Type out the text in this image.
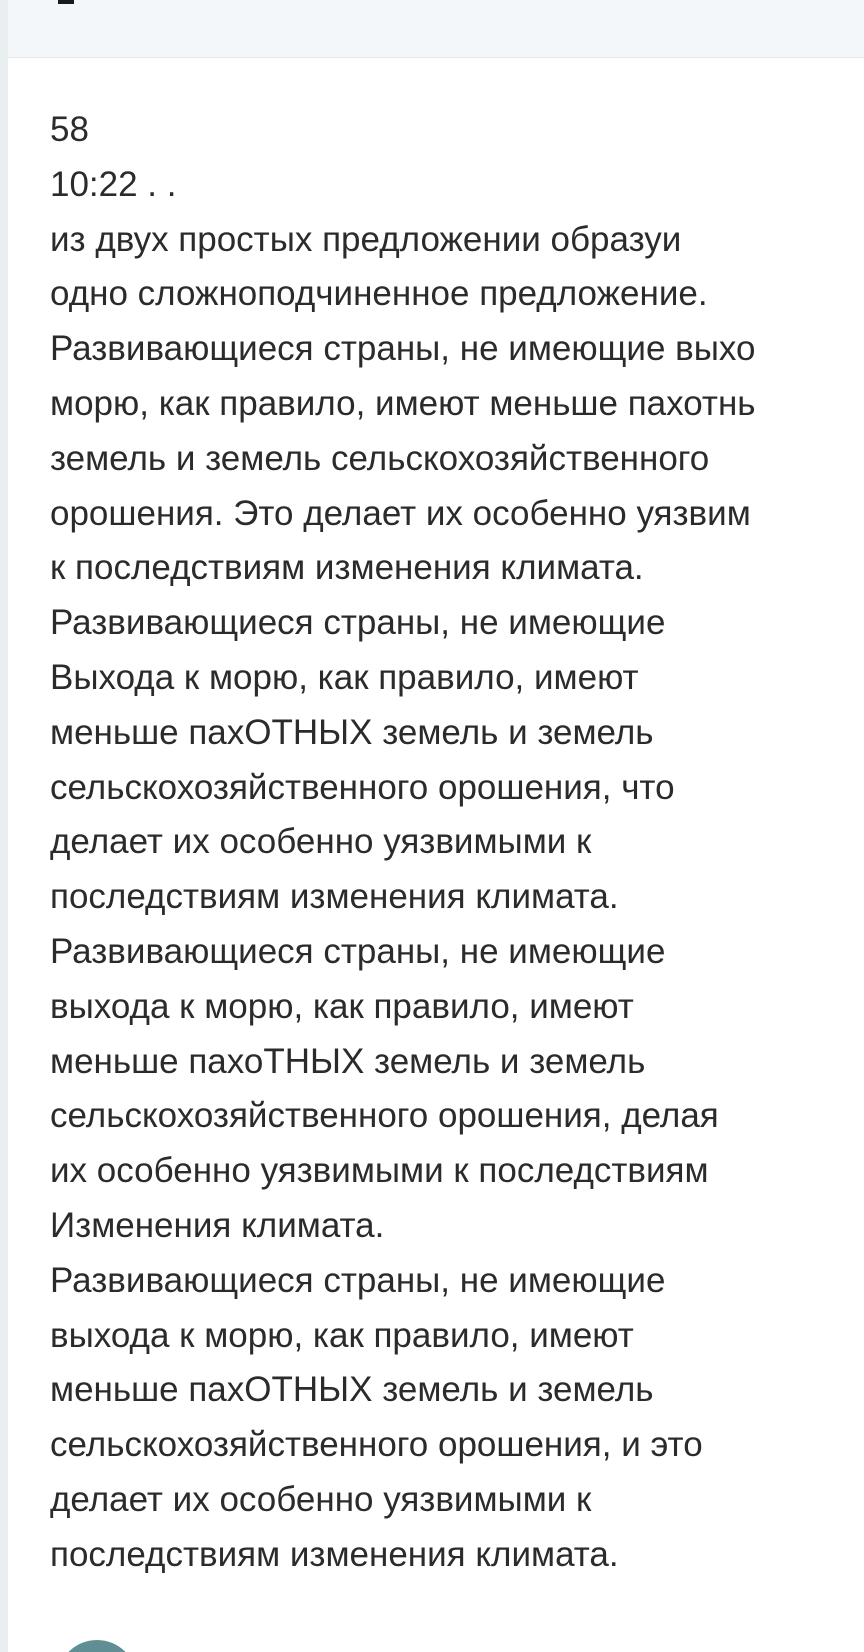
58
10:22 . .
из двух простых предложении образуи
одно сложноподчиненное предложение.
Развивающиеся страны, не имеющие выхо
морю, как правило, имеют меньше пахотнь
земель и земель сельскохозяйственного
орошения. Это делает их особенно уязвим
к последствиям изменения климата.
Развивающиеся страны, не имеющие
Выхода к морю, как правило, имеют
меньше пахОТНЫХ земель и земель
сельскохозяйственного орошения, что
делает их особенно уязвимыми к
последствиям изменения климата.
Развивающиеся страны, не имеющие
выхода к морю, как правило, имеют
меньше пахоТНЫХ земель и земель
сельскохозяйственного орошения, делая
их особенно уязвимыми к последствиям
Изменения климата.
Развивающиеся страны, не имеющие
выхода к морю, как правило, имеют
меньше пахОТНЫХ земель и земель
сельскохозяйственного орошения, и это
делает их особенно уязвимыми к
последствиям изменения климата.
